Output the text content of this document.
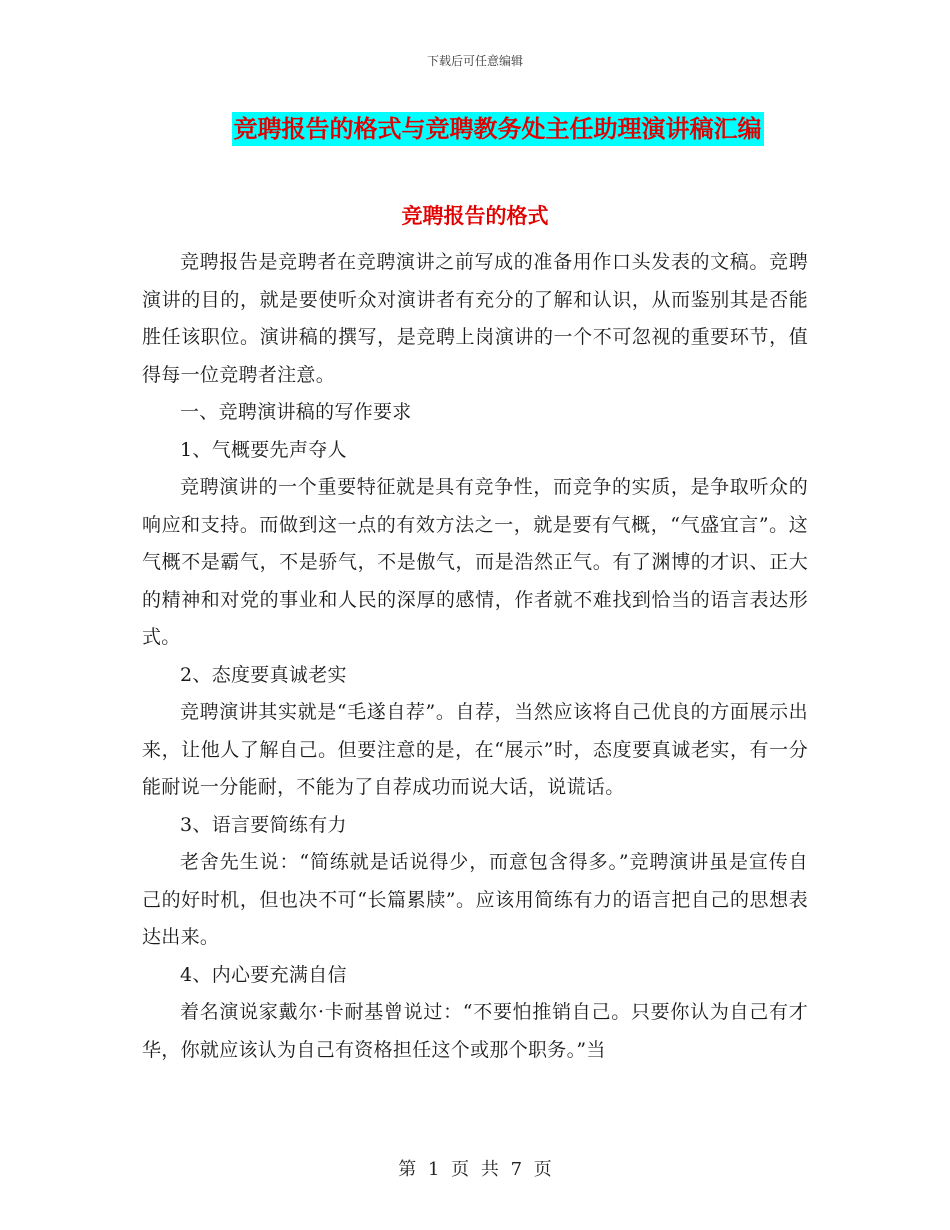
下载后可任意编辑
竞聘报告的格式与竞聘教务处主任助理演讲稿汇编
竞聘报告的格式

竞聘报告是竞聘者在竞聘演讲之前写成的准备用作口头发表的文稿。竞聘演讲的目的，就是要使听众对演讲者有充分的了解和认识，从而鉴别其是否能胜任该职位。演讲稿的撰写，是竞聘上岗演讲的一个不可忽视的重要环节，值得每一位竞聘者注意。

一、竞聘演讲稿的写作要求

1、气概要先声夺人

竞聘演讲的一个重要特征就是具有竞争性，而竞争的实质，是争取听众的响应和支持。而做到这一点的有效方法之一，就是要有气概，“气盛宜言”。这气概不是霸气，不是骄气，不是傲气，而是浩然正气。有了渊博的才识、正大的精神和对党的事业和人民的深厚的感情，作者就不难找到恰当的语言表达形式。

2、态度要真诚老实

竞聘演讲其实就是“毛遂自荐”。自荐，当然应该将自己优良的方面展示出来，让他人了解自己。但要注意的是，在“展示”时，态度要真诚老实，有一分能耐说一分能耐，不能为了自荐成功而说大话，说谎话。

3、语言要简练有力

老舍先生说：“简练就是话说得少，而意包含得多。”竞聘演讲虽是宣传自己的好时机，但也决不可“长篇累牍”。应该用简练有力的语言把自己的思想表达出来。

4、内心要充满自信

着名演说家戴尔·卡耐基曾说过：“不要怕推销自己。只要你认为自己有才华，你就应该认为自己有资格担任这个或那个职务。”当

第 1 页 共 7 页
